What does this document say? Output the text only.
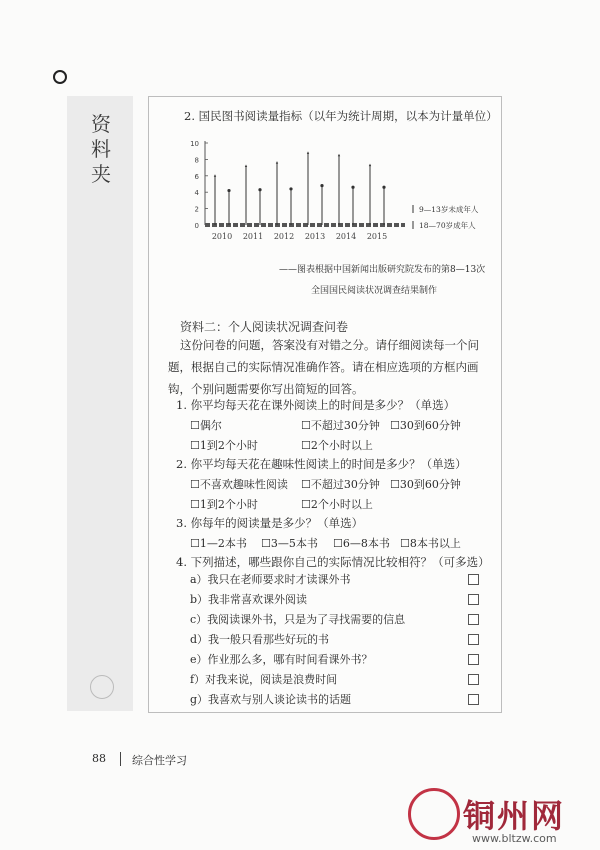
资料夹
2. 国民图书阅读量指标（以年为统计周期，以本为计量单位）
0
2
4
6
8
10
2010 2011 2012 2013 2014 2015
9—13岁未成年人
18—70岁成年人
——图表根据中国新闻出版研究院发布的第8—13次
全国国民阅读状况调查结果制作
资料二：个人阅读状况调查问卷
这份问卷的问题，答案没有对错之分。请仔细阅读每一个问题，根据自己的实际情况准确作答。请在相应选项的方框内画钩，个别问题需要你写出简短的回答。
1. 你平均每天花在课外阅读上的时间是多少？（单选）
☐偶尔	☐不超过30分钟 ☐30到60分钟
☐1到2个小时	☐2个小时以上
2. 你平均每天花在趣味性阅读上的时间是多少？（单选）
☐不喜欢趣味性阅读 ☐不超过30分钟 ☐30到60分钟
☐1到2个小时	☐2个小时以上
3. 你每年的阅读量是多少？（单选）
☐1—2本书 ☐3—5本书 ☐6—8本书 ☐8本书以上
4. 下列描述，哪些跟你自己的实际情况比较相符？（可多选）
a）我只在老师要求时才读课外书
b）我非常喜欢课外阅读
c）我阅读课外书，只是为了寻找需要的信息
d）我一般只看那些好玩的书
e）作业那么多，哪有时间看课外书？
f）对我来说，阅读是浪费时间
g）我喜欢与别人谈论读书的话题
88 综合性学习
铜州网
www.bltzw.com
